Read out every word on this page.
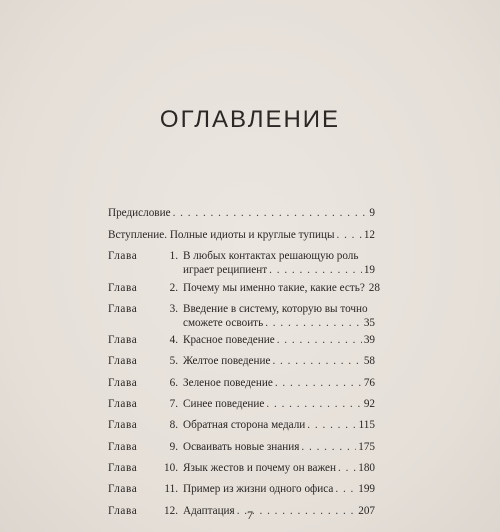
ОГЛАВЛЕНИЕ
Предисловие . . .	9
Вступление. Полные идиоты и круглые тупицы . . .	12
Глава	1. В любых контактах решающую роль
играет реципиент . . .	19
Глава	2. Почему мы именно такие, какие есть? 28
Глава	3. Введение в систему, которую вы точно
сможете освоить . . .	35
Глава	4. Красное поведение . . .	39
Глава	5. Желтое поведение . . .	58
Глава	6. Зеленое поведение . . .	76
Глава	7. Синее поведение . . .	92
Глава	8. Обратная сторона медали . . .	115
Глава	9. Осваивать новые знания . . .	175
Глава	10. Язык жестов и почему он важен . . . 180
Глава	11. Пример из жизни одного офиса . . . 199
Глава	12. Адаптация . . .	207
7
